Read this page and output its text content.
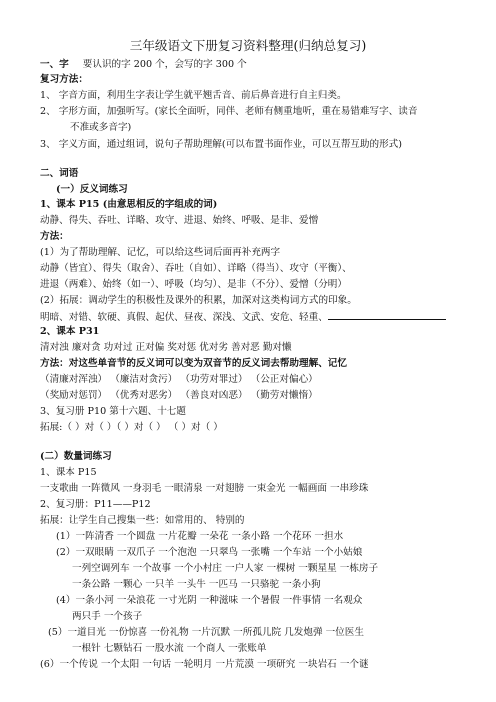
三年级语文下册复习资料整理(归纳总复习)
一、字 要认识的字 200 个，会写的字 300 个
复习方法：
1、 字音方面，利用生字表让学生就平翘舌音、前后鼻音进行自主归类。
2、 字形方面，加强听写。(家长全面听，同伴、老师有侧重地听，重在易错难写字、读音
不准或多音字)
3、 字义方面，通过组词，说句子帮助理解(可以布置书面作业，可以互帮互助的形式)
二、词语
(一）反义词练习
1、课本 P15 (由意思相反的字组成的词)
动静、得失、吞吐、详略、攻守、进退、始终、呼吸、是非、爱憎
方法：
(1）为了帮助理解、记忆，可以给这些词后面再补充两字
动静（皆宜）、得失（取舍）、吞吐（自如）、详略（得当）、攻守（平衡）、
进退（两难）、始终（如一）、呼吸（均匀）、是非（不分）、爱憎（分明）
(2）拓展：调动学生的积极性及课外的积累，加深对这类构词方式的印象。
明暗、对错、软硬、真假、起伏、昼夜、深浅、文武、安危、轻重、
2、课本 P31
清对浊 廉对贪 功对过 正对偏 奖对惩 优对劣 善对恶 勤对懒
方法：对这些单音节的反义词可以变为双音节的反义词去帮助理解、记忆
（清廉对浑浊） （廉洁对贪污） （功劳对罪过） （公正对偏心）
（奖励对惩罚） （优秀对恶劣） （善良对凶恶） （勤劳对懒惰）
3、复习册 P10 第十六题、十七题
拓展:（ ）对（ ）（ ）对（ ） （ ）对（ ）
(二）数量词练习
1、课本 P15
一支歌曲 一阵微风 一身羽毛 一眼清泉 一对翅膀 一束金光 一幅画面 一串珍珠
2、复习册：P11——P12
拓展：让学生自己搜集一些：如常用的、 特别的
(1）一阵清香 一个圆盘 一片花瓣 一朵花 一条小路 一个花环 一担水
(2）一双眼睛 一双爪子 一个泡泡 一只翠鸟 一张嘴 一个车站 一个小姑娘
一列空调列车 一个故事 一个小村庄 一户人家 一棵树 一颗星星 一栋房子
一条公路 一颗心 一只羊 一头牛 一匹马 一只骆驼 一条小狗
(4）一条小河 一朵浪花 一寸光阴 一种滋味 一个暑假 一件事情 一名观众
两只手 一个孩子
(5）一道目光 一份惊喜 一份礼物 一片沉默 一所孤儿院 几发炮弹 一位医生
一根针 七颗钻石 一股水流 一个商人 一张账单
(6）一个传说 一个太阳 一句话 一轮明月 一片荒漠 一项研究 一块岩石 一个谜
